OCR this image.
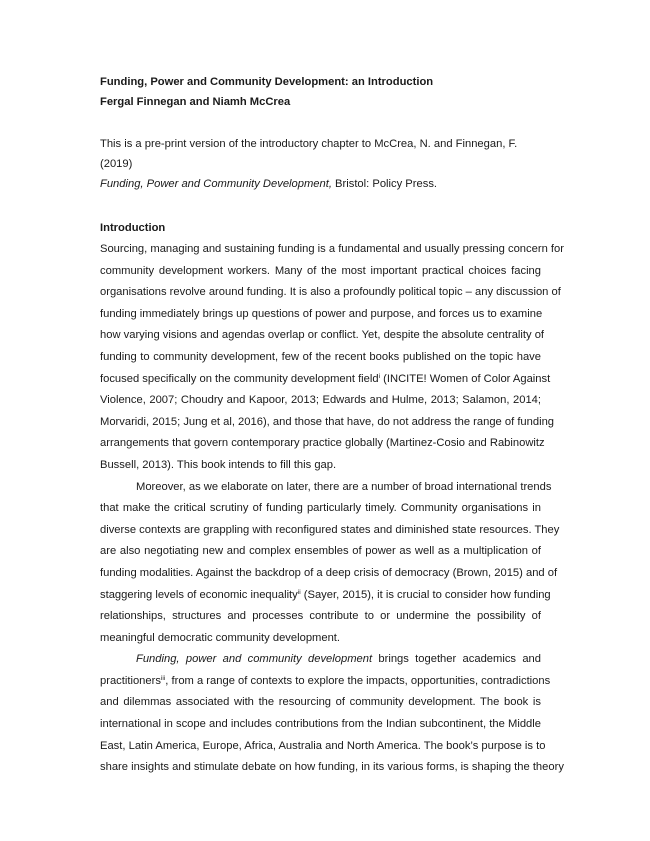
Funding, Power and Community Development: an Introduction
Fergal Finnegan and Niamh McCrea
This is a pre-print version of the introductory chapter to McCrea, N. and Finnegan, F. (2019)
Funding, Power and Community Development, Bristol: Policy Press.
Introduction

Sourcing, managing and sustaining funding is a fundamental and usually pressing concern for
community development workers. Many of the most important practical choices facing
organisations revolve around funding. It is also a profoundly political topic – any discussion of
funding immediately brings up questions of power and purpose, and forces us to examine
how varying visions and agendas overlap or conflict. Yet, despite the absolute centrality of
funding to community development, few of the recent books published on the topic have
focused specifically on the community development field$^i$ (INCITE! Women of Color Against
Violence, 2007; Choudry and Kapoor, 2013; Edwards and Hulme, 2013; Salamon, 2014;
Morvaridi, 2015; Jung et al, 2016), and those that have, do not address the range of funding
arrangements that govern contemporary practice globally (Martinez-Cosio and Rabinowitz
Bussell, 2013). This book intends to fill this gap.

Moreover, as we elaborate on later, there are a number of broad international trends
that make the critical scrutiny of funding particularly timely. Community organisations in
diverse contexts are grappling with reconfigured states and diminished state resources. They
are also negotiating new and complex ensembles of power as well as a multiplication of
funding modalities. Against the backdrop of a deep crisis of democracy (Brown, 2015) and of
staggering levels of economic inequality$^{ii}$ (Sayer, 2015), it is crucial to consider how funding
relationships, structures and processes contribute to or undermine the possibility of
meaningful democratic community development.

Funding, power and community development brings together academics and
practitioners$^{iii}$, from a range of contexts to explore the impacts, opportunities, contradictions
and dilemmas associated with the resourcing of community development. The book is
international in scope and includes contributions from the Indian subcontinent, the Middle
East, Latin America, Europe, Africa, Australia and North America. The book’s purpose is to
share insights and stimulate debate on how funding, in its various forms, is shaping the theory
